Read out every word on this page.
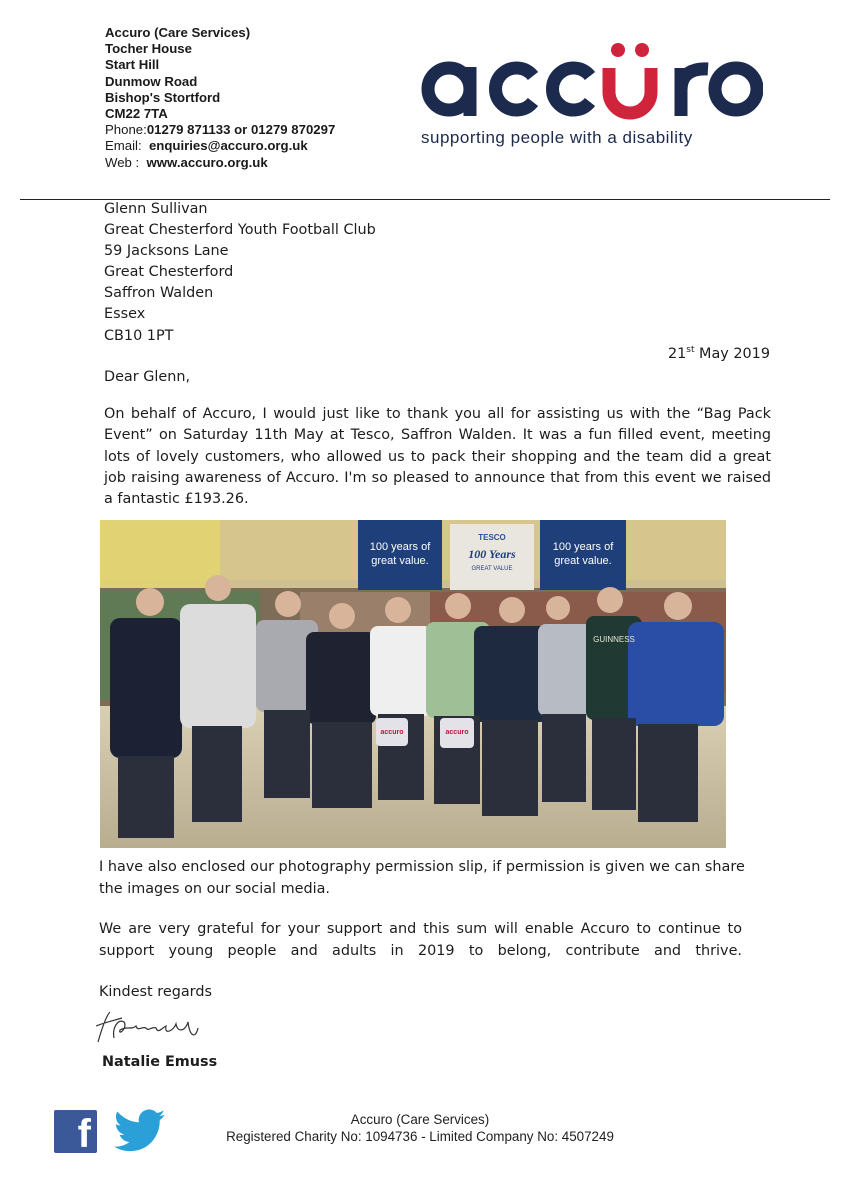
Accuro (Care Services)
Tocher House
Start Hill
Dunmow Road
Bishop's Stortford
CM22 7TA
Phone:01279 871133 or 01279 870297
Email: enquiries@accuro.org.uk
Web : www.accuro.org.uk
supporting people with a disability
Glenn Sullivan
Great Chesterford Youth Football Club
59 Jacksons Lane
Great Chesterford
Saffron Walden
Essex
CB10 1PT
21st May 2019
Dear Glenn,
On behalf of Accuro, I would just like to thank you all for assisting us with the “Bag Pack Event” on Saturday 11th May at Tesco, Saffron Walden. It was a fun filled event, meeting lots of lovely customers, who allowed us to pack their shopping and the team did a great job raising awareness of Accuro. I'm so pleased to announce that from this event we raised a fantastic £193.26.
100 years of
great value.
TESCO
100 Years
GREAT VALUE
100 years of
great value.
GUINNESS
accuro	accuro
I have also enclosed our photography permission slip, if permission is given we can share the images on our social media.
We are very grateful for your support and this sum will enable Accuro to continue to support young people and adults in 2019 to belong, contribute and thrive.
Kindest regards
Natalie Emuss
f	Accuro (Care Services)
Registered Charity No: 1094736 - Limited Company No: 4507249
